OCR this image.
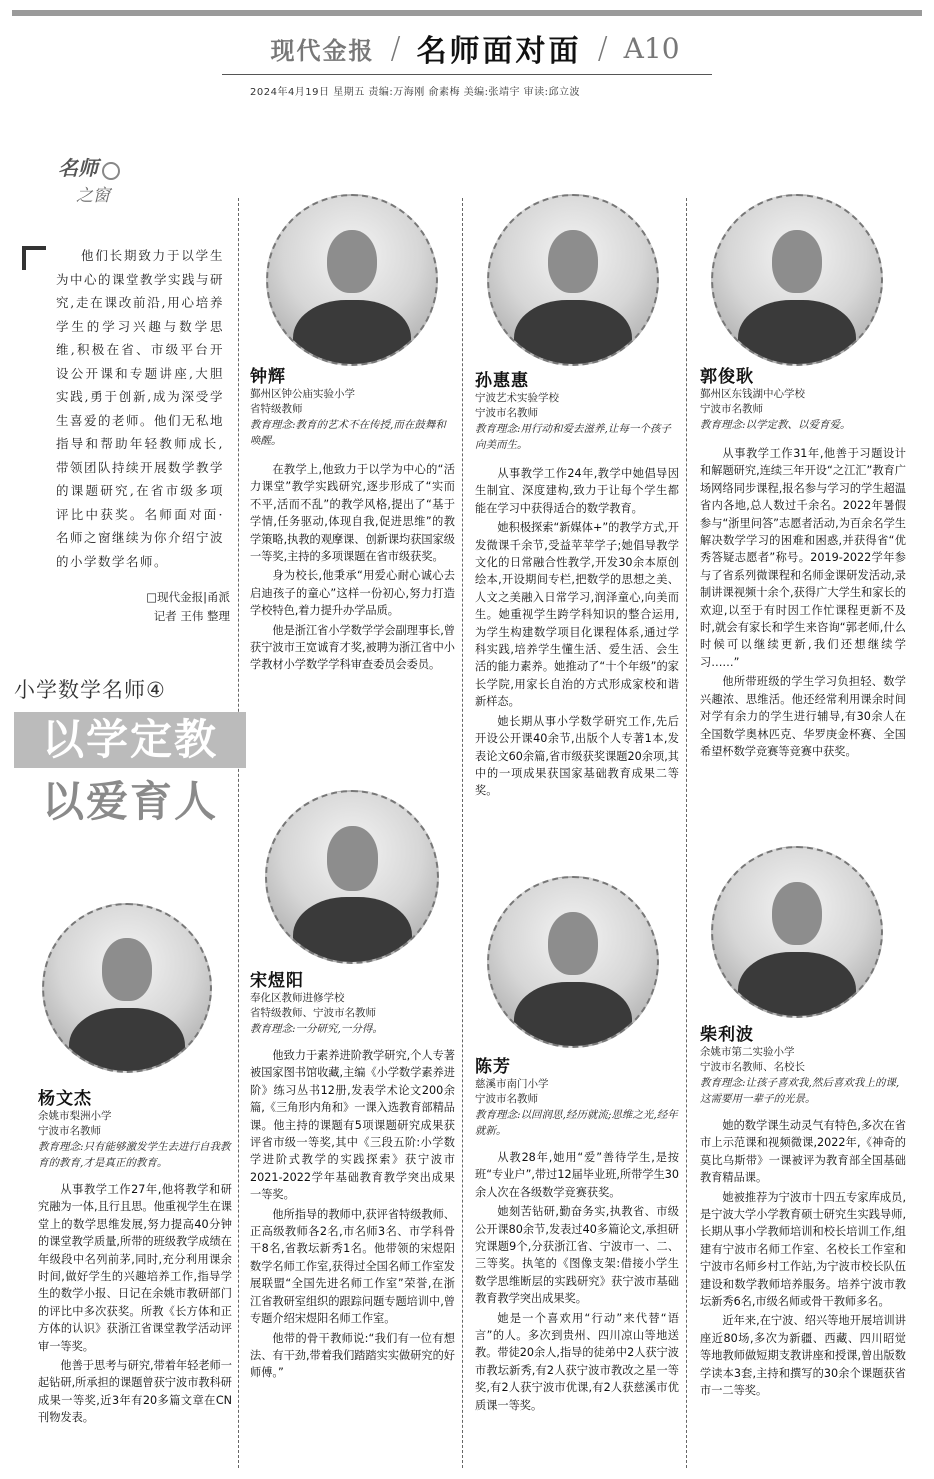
现代金报 / 名师面对面 / A10
2024年4月19日 星期五 责编:万海刚 俞素梅 美编:张靖宇 审读:邱立波
名师
之窗
他们长期致力于以学生为中心的课堂教学实践与研究,走在课改前沿,用心培养学生的学习兴趣与数学思维,积极在省、市级平台开设公开课和专题讲座,大胆实践,勇于创新,成为深受学生喜爱的老师。他们无私地指导和帮助年轻教师成长,带领团队持续开展数学教学的课题研究,在省市级多项评比中获奖。名师面对面·名师之窗继续为你介绍宁波的小学数学名师。
□现代金报|甬派
记者 王伟 整理
小学数学名师④
以学定教
以爱育人
钟辉
鄞州区钟公庙实验小学
省特级教师
教育理念:教育的艺术不在传授,而在鼓舞和唤醒。

在教学上,他致力于以学为中心的“活力课堂”教学实践研究,逐步形成了“实而不平,活而不乱”的教学风格,提出了“基于学情,任务驱动,体现自我,促进思维”的教学策略,执教的观摩课、创新课均获国家级一等奖,主持的多项课题在省市级获奖。

身为校长,他秉承“用爱心耐心诚心去启迪孩子的童心”这样一份初心,努力打造学校特色,着力提升办学品质。

他是浙江省小学数学学会副理事长,曾获宁波市王宽诚育才奖,被聘为浙江省中小学教材小学数学学科审查委员会委员。

孙惠惠
宁波艺术实验学校
宁波市名教师
教育理念:用行动和爱去滋养,让每一个孩子向美而生。

从事教学工作24年,教学中她倡导因生制宜、深度建构,致力于让每个学生都能在学习中获得适合的数学教育。

她积极探索“新媒体+”的教学方式,开发微课千余节,受益苹苹学子;她倡导教学文化的日常融合性教学,开发30余本原创绘本,开设期间专栏,把数学的思想之美、人文之美融入日常学习,润泽童心,向美而生。她重视学生跨学科知识的整合运用,为学生构建数学项目化课程体系,通过学科实践,培养学生懂生活、爱生活、会生活的能力素养。她推动了“十个年级”的家长学院,用家长自治的方式形成家校和谐新样态。

她长期从事小学数学研究工作,先后开设公开课40余节,出版个人专著1本,发表论文60余篇,省市级获奖课题20余项,其中的一项成果获国家基础教育成果二等奖。

郭俊耿
鄞州区东钱湖中心学校
宁波市名教师
教育理念:以学定教、以爱育爱。

从事教学工作31年,他善于习题设计和解题研究,连续三年开设“之江汇”教育广场网络同步课程,报名参与学习的学生超温省内各地,总人数过千余名。2022年暑假参与“浙里问答”志愿者活动,为百余名学生解决数学学习的困难和困惑,并获得省“优秀答疑志愿者”称号。2019-2022学年参与了省系列微课程和名师金课研发活动,录制讲课视频十余个,获得广大学生和家长的欢迎,以至于有时因工作忙课程更新不及时,就会有家长和学生来咨询“郭老师,什么时候可以继续更新,我们还想继续学习……”

他所带班级的学生学习负担轻、数学兴趣浓、思维活。他还经常利用课余时间对学有余力的学生进行辅导,有30余人在全国数学奥林匹克、华罗庚金杯赛、全国希望杯数学竞赛等竞赛中获奖。

宋煜阳
奉化区教师进修学校
省特级教师、宁波市名教师
教育理念:一分研究,一分得。

他致力于素养进阶教学研究,个人专著被国家图书馆收藏,主编《小学数学素养进阶》练习丛书12册,发表学术论文200余篇,《三角形内角和》一课入选教育部精品课。他主持的课题有5项课题研究成果获评省市级一等奖,其中《三段五阶:小学数学进阶式教学的实践探索》获宁波市2021-2022学年基础教育教学突出成果一等奖。

他所指导的教师中,获评省特级教师、正高级教师各2名,市名师3名、市学科骨干8名,省教坛新秀1名。他带领的宋煜阳数学名师工作室,获得过全国名师工作室发展联盟“全国先进名师工作室”荣誉,在浙江省教研室组织的跟踪问题专题培训中,曾专题介绍宋煜阳名师工作室。

他带的骨干教师说:“我们有一位有想法、有干劲,带着我们踏踏实实做研究的好师傅。”

杨文杰
余姚市梨洲小学
宁波市名教师
教育理念:只有能够激发学生去进行自我教育的教育,才是真正的教育。

从事教学工作27年,他将教学和研究融为一体,且行且思。他重视学生在课堂上的数学思维发展,努力提高40分钟的课堂教学质量,所带的班级教学成绩在年级段中名列前茅,同时,充分利用课余时间,做好学生的兴趣培养工作,指导学生的数学小报、日记在余姚市教研部门的评比中多次获奖。所教《长方体和正方体的认识》获浙江省课堂教学活动评审一等奖。

他善于思考与研究,带着年轻老师一起钻研,所承担的课题曾获宁波市教科研成果一等奖,近3年有20多篇文章在CN刊物发表。

陈芳
慈溪市南门小学
宁波市名教师
教育理念:以回润思,经历就流;思维之光,经年就新。

从教28年,她用“爱”善待学生,是按班“专业户”,带过12届毕业班,所带学生30余人次在各级数学竞赛获奖。

她刻苦钻研,勤奋务实,执教省、市级公开课80余节,发表过40多篇论文,承担研究课题9个,分获浙江省、宁波市一、二、三等奖。执笔的《图像支架:借接小学生数学思维断层的实践研究》获宁波市基础教育教学突出成果奖。

她是一个喜欢用“行动”来代替“语言”的人。多次到贵州、四川凉山等地送教。带徒20余人,指导的徒弟中2人获宁波市教坛新秀,有2人获宁波市教改之星一等奖,有2人获宁波市优课,有2人获慈溪市优质课一等奖。

柴利波
余姚市第二实验小学
宁波市名教师、名校长
教育理念:让孩子喜欢我,然后喜欢我上的课,这需要用一辈子的光景。

她的数学课生动灵气有特色,多次在省市上示范课和视频微课,2022年,《神奇的莫比乌斯带》一课被评为教育部全国基础教育精品课。

她被推荐为宁波市十四五专家库成员,是宁波大学小学教育硕士研究生实践导师,长期从事小学教师培训和校长培训工作,组建有宁波市名师工作室、名校长工作室和宁波市名师乡村工作站,为宁波市校长队伍建设和数学教师培养服务。培养宁波市教坛新秀6名,市级名师或骨干教师多名。

近年来,在宁波、绍兴等地开展培训讲座近80场,多次为新疆、西藏、四川昭觉等地教师做短期支教讲座和授课,曾出版数学读本3套,主持和撰写的30余个课题获省市一二等奖。
